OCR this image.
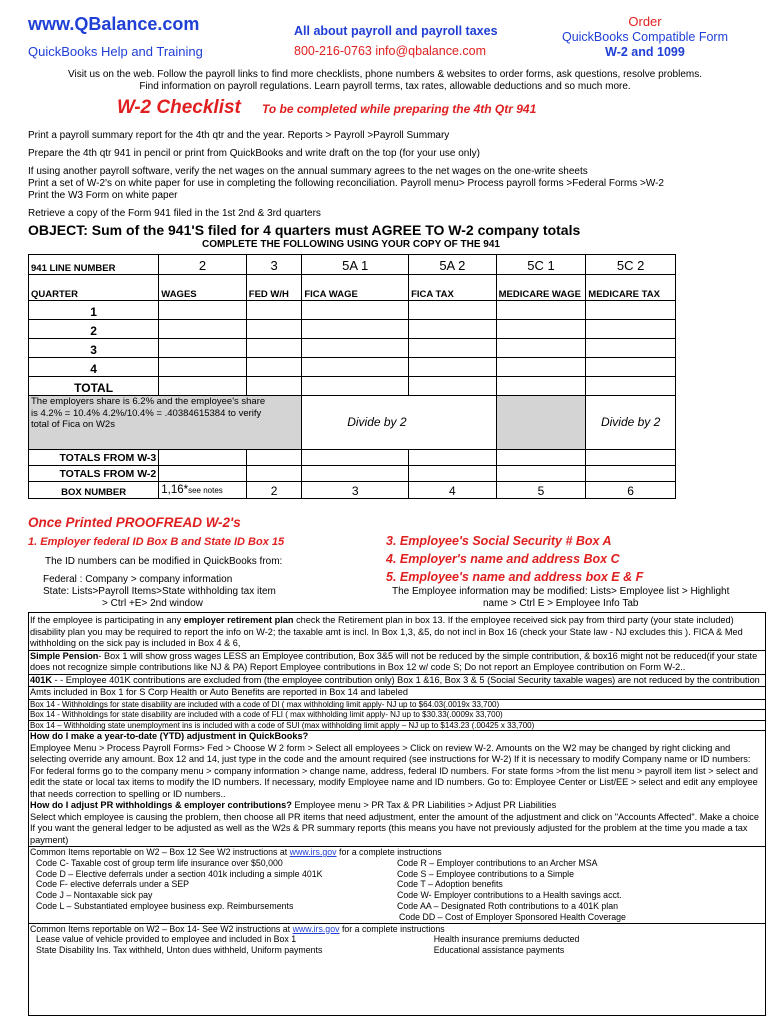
www.QBalance.com
QuickBooks Help and Training
All about payroll and payroll taxes
800-216-0763 info@qbalance.com
Order
QuickBooks Compatible Form
W-2 and 1099
Visit us on the web. Follow the payroll links to find more checklists, phone numbers & websites to order forms, ask questions, resolve problems.
Find information on payroll regulations. Learn payroll terms, tax rates, allowable deductions and so much more.
W-2 Checklist To be completed while preparing the 4th Qtr 941
Print a payroll summary report for the 4th qtr and the year. Reports > Payroll >Payroll Summary
Prepare the 4th qtr 941 in pencil or print from QuickBooks and write draft on the top (for your use only)
If using another payroll software, verify the net wages on the annual summary agrees to the net wages on the one-write sheets
Print a set of W-2's on white paper for use in completing the following reconciliation. Payroll menu> Process payroll forms >Federal Forms >W-2
Print the W3 Form on white paper
Retrieve a copy of the Form 941 filed in the 1st 2nd & 3rd quarters
OBJECT: Sum of the 941'S filed for 4 quarters must AGREE TO W-2 company totals
COMPLETE THE FOLLOWING USING YOUR COPY OF THE 941
941 LINE NUMBER	2	3	5A 1	5A 2	5C 1	5C 2
QUARTER	WAGES	FED W/H	FICA WAGE	FICA TAX	MEDICARE WAGE	MEDICARE TAX
1						
2						
3						
4						
TOTAL						

The employers share is 6.2% and the employee's share
is 4.2% = 10.4% 4.2%/10.4% = .40384615384 to verify
total of Fica on W2s			Divide by 2			Divide by 2
TOTALS FROM W-3						
TOTALS FROM W-2						
BOX NUMBER	1,16*see notes	2	3	4	5	6
Once Printed PROOFREAD W-2's
1. Employer federal ID Box B and State ID Box 15
The ID numbers can be modified in QuickBooks from:
Federal : Company > company information
State: Lists>Payroll Items>State withholding tax item
> Ctrl +E> 2nd window
3. Employee's Social Security # Box A
4. Employer's name and address Box C
5. Employee's name and address box E & F
The Employee information may be modified: Lists> Employee list > Highlight
name > Ctrl E > Employee Info Tab
If the employee is participating in any employer retirement plan check the Retirement plan in box 13. If the employee received sick pay from third party (your state included) disability plan you may be required to report the info on W-2; the taxable amt is incl. In Box 1,3, &5, do not incl in Box 16 (check your State law - NJ excludes this ). FICA & Med withholding on the sick pay is included in Box 4 & 6,
Simple Pension- Box 1 will show gross wages LESS an Employee contribution, Box 3&5 will not be reduced by the simple contribution, & box16 might not be reduced(if your state does not recognize simple contributions like NJ & PA) Report Employee contributions in Box 12 w/ code S; Do not report an Employee contribution on Form W-2..
401K - - Employee 401K contributions are excluded from (the employee contribution only) Box 1 &16, Box 3 & 5 (Social Security taxable wages) are not reduced by the contribution
Amts included in Box 1 for S Corp Health or Auto Benefits are reported in Box 14 and labeled
Box 14 - Withholdings for state disability are included with a code of DI ( max withholding limit apply- NJ up to $64.03(.0019x 33,700)
Box 14 - Withholdings for state disability are included with a code of FLI ( max withholding limit apply- NJ up to $30.33(.0009x 33,700)
Box 14 – Withholding state unemployment ins is included with a code of SUI (max withholding limit apply – NJ up to $143.23 (.00425 x 33,700)
How do I make a year-to-date (YTD) adjustment in QuickBooks?
Employee Menu > Process Payroll Forms> Fed > Choose W 2 form > Select all employees > Click on review W-2. Amounts on the W2 may be changed by right clicking and selecting override any amount. Box 12 and 14, just type in the code and the amount required (see instructions for W-2) If it is necessary to modify Company name or ID numbers: For federal forms go to the company menu > company information > change name, address, federal ID numbers. For state forms >from the list menu > payroll item list > select and edit the state or local tax items to modify the ID numbers. If necessary, modify Employee name and ID numbers. Go to: Employee Center or List/EE > select and edit any employee that needs correction to spelling or ID numbers..
How do I adjust PR withholdings & employer contributions? Employee menu > PR Tax & PR Liabilities > Adjust PR Liabilities
Select which employee is causing the problem, then choose all PR items that need adjustment, enter the amount of the adjustment and click on "Accounts Affected". Make a choice If you want the general ledger to be adjusted as well as the W2s & PR summary reports (this means you have not previously adjusted for the problem at the time you made a tax payment)
Common Items reportable on W2 – Box 12 See W2 instructions at www.irs.gov for a complete instructions
Code C- Taxable cost of group term life insurance over $50,000
Code D – Elective deferrals under a section 401k including a simple 401K
Code F- elective deferrals under a SEP
Code J – Nontaxable sick pay
Code L – Substantiated employee business exp. Reimbursements
Code R – Employer contributions to an Archer MSA
Code S – Employee contributions to a Simple
Code T – Adoption benefits
Code W- Employer contributions to a Health savings acct.
Code AA – Designated Roth contributions to a 401K plan
Code DD – Cost of Employer Sponsored Health Coverage
Common Items reportable on W2 – Box 14- See W2 instructions at www.irs.gov for a complete instructions
Lease value of vehicle provided to employee and included in Box 1
State Disability Ins. Tax withheld, Unton dues withheld, Uniform payments
Health insurance premiums deducted
Educational assistance payments
